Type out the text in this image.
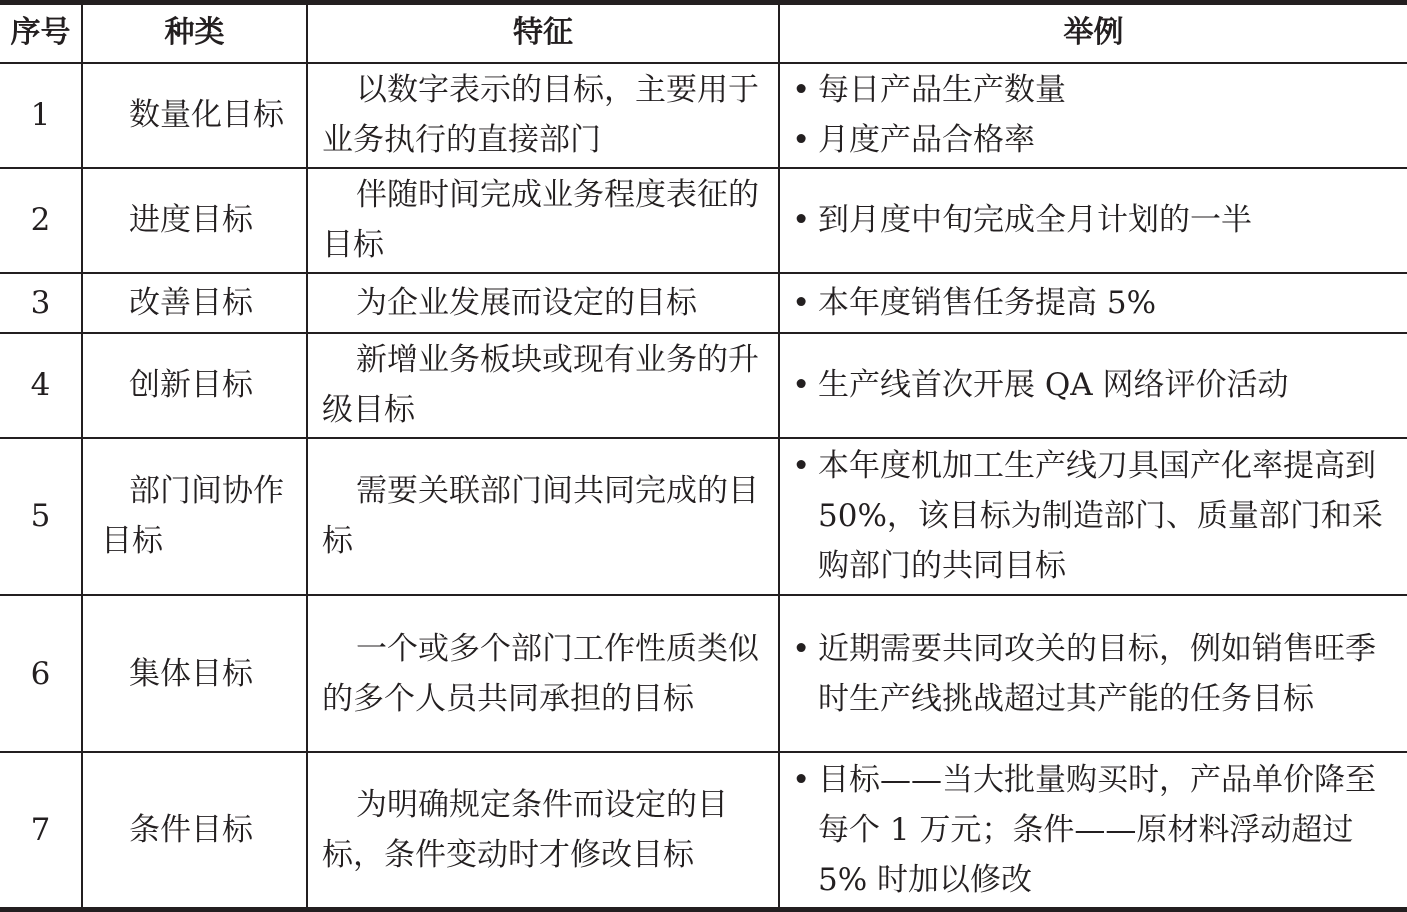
序号	种类	特征	举例
1	数量化目标	以数字表示的目标，主要用于业务执行的直接部门	• 每日产品生产数量
• 月度产品合格率

2	进度目标	伴随时间完成业务程度表征的目标	• 到月度中旬完成全月计划的一半

3	改善目标	为企业发展而设定的目标	• 本年度销售任务提高 5%

4	创新目标	新增业务板块或现有业务的升级目标	• 生产线首次开展 QA 网络评价活动

5	部门间协作目标	需要关联部门间共同完成的目标	• 本年度机加工生产线刀具国产化率提高到 50%，该目标为制造部门、质量部门和采购部门的共同目标

6	集体目标	一个或多个部门工作性质类似的多个人员共同承担的目标	• 近期需要共同攻关的目标，例如销售旺季时生产线挑战超过其产能的任务目标

7	条件目标	为明确规定条件而设定的目标，条件变动时才修改目标	• 目标——当大批量购买时，产品单价降至每个 1 万元；条件——原材料浮动超过 5% 时加以修改
